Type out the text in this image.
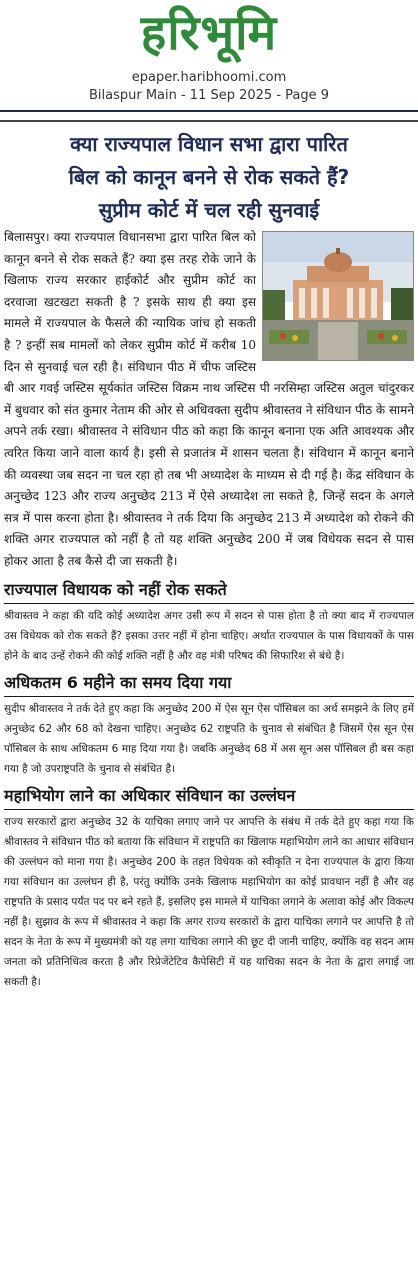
हरिभूमि
epaper.haribhoomi.com
Bilaspur Main - 11 Sep 2025 - Page 9
क्या राज्यपाल विधान सभा द्वारा पारित
बिल को कानून बनने से रोक सकते हैं?
सुप्रीम कोर्ट में चल रही सुनवाई

बिलासपुर। क्या राज्यपाल विधानसभा द्वारा पारित बिल को कानून बनने से रोक सकते हैं? क्या इस तरह रोके जाने के खिलाफ राज्य सरकार हाईकोर्ट और सुप्रीम कोर्ट का दरवाजा खटखटा सकती है ? इसके साथ ही क्या इस मामले में राज्यपाल के फैसले की न्यायिक जांच हो सकती है ? इन्हीं सब मामलों को लेकर सुप्रीम कोर्ट में करीब 10 दिन से सुनवाई चल रही है। संविधान पीठ में चीफ जस्टिस बी आर गवई जस्टिस सूर्यकांत जस्टिस विक्रम नाथ जस्टिस पी नरसिम्हा जस्टिस अतुल चांदुरकर में बुधवार को संत कुमार नेताम की ओर से अधिवक्ता सुदीप श्रीवास्तव ने संविधान पीठ के सामने अपने तर्क रखा। श्रीवास्तव ने संविधान पीठ को कहा कि कानून बनाना एक अति आवश्यक और त्वरित किया जाने वाला कार्य है। इसी से प्रजातंत्र में शासन चलता है। संविधान में कानून बनाने की व्यवस्था जब सदन ना चल रहा हो तब भी अध्यादेश के माध्यम से दी गई है। केंद्र संविधान के अनुच्छेद 123 और राज्य अनुच्छेद 213 में ऐसे अध्यादेश ला सकते है, जिन्हें सदन के अगले सत्र में पास करना होता है। श्रीवास्तव ने तर्क दिया कि अनुच्छेद 213 में अध्यादेश को रोकने की शक्ति अगर राज्यपाल को नहीं है तो यह शक्ति अनुच्छेद 200 में जब विधेयक सदन से पास होकर आता है तब कैसे दी जा सकती है।

राज्यपाल विधायक को नहीं रोक सकते

श्रीवास्तव ने कहा की यदि कोई अध्यादेश अगर उसी रूप में सदन से पास होता है तो क्या बाद में राज्यपाल उस विधेयक को रोक सकते हैं? इसका उत्तर नहीं में होना चाहिए। अर्थात राज्यपाल के पास विधायकों के पास होने के बाद उन्हें रोकने की कोई शक्ति नहीं है और वह मंत्री परिषद की सिफारिश से बंधे है।

अधिकतम 6 महीने का समय दिया गया

सुदीप श्रीवास्तव ने तर्क देते हुए कहा कि अनुच्छेद 200 में ऐस सून ऐस पॉसिबल का अर्थ समझने के लिए हमें अनुच्छेद 62 और 68 को देखना चाहिए। अनुच्छेद 62 राष्ट्रपति के चुनाव से संबंधित है जिसमें ऐस सून ऐस पॉसिबल के साथ अधिकतम 6 माह दिया गया है। जबकि अनुच्छेद 68 में अस सून अस पॉसिबल ही बस कहा गया है जो उपराष्ट्रपति के चुनाव से संबंधित है।

महाभियोग लाने का अधिकार संविधान का उल्लंघन

राज्य सरकारों द्वारा अनुच्छेद 32 के याचिका लगाए जाने पर आपत्ति के संबंध में तर्क देते हुए कहा गया कि श्रीवास्तव ने संविधान पीठ को बताया कि संविधान में राष्ट्रपति का खिलाफ महाभियोग लाने का आधार संविधान की उल्लंघन को माना गया है। अनुच्छेद 200 के तहत विधेयक को स्वीकृति न देना राज्यपाल के द्वारा किया गया संविधान का उल्लंघन ही है, परंतु क्योंकि उनके खिलाफ महाभियोग का कोई प्रावधान नहीं है और वह राष्ट्रपति के प्रसाद पर्यंत पद पर बने रहते हैं, इसलिए इस मामले में याचिका लगाने के अलावा कोई और विकल्प नहीं है। सुझाव के रूप में श्रीवास्तव ने कहा कि अगर राज्य सरकारों के द्वारा याचिका लगाने पर आपत्ति है तो सदन के नेता के रूप में मुख्यमंत्री को यह लगा याचिका लगाने की छूट दी जानी चाहिए, क्योंकि वह सदन आम जनता को प्रतिनिधित्व करता है और रिप्रेजेंटेटिव कैपेसिटी में यह याचिका सदन के नेता के द्वारा लगाई जा सकती है।
